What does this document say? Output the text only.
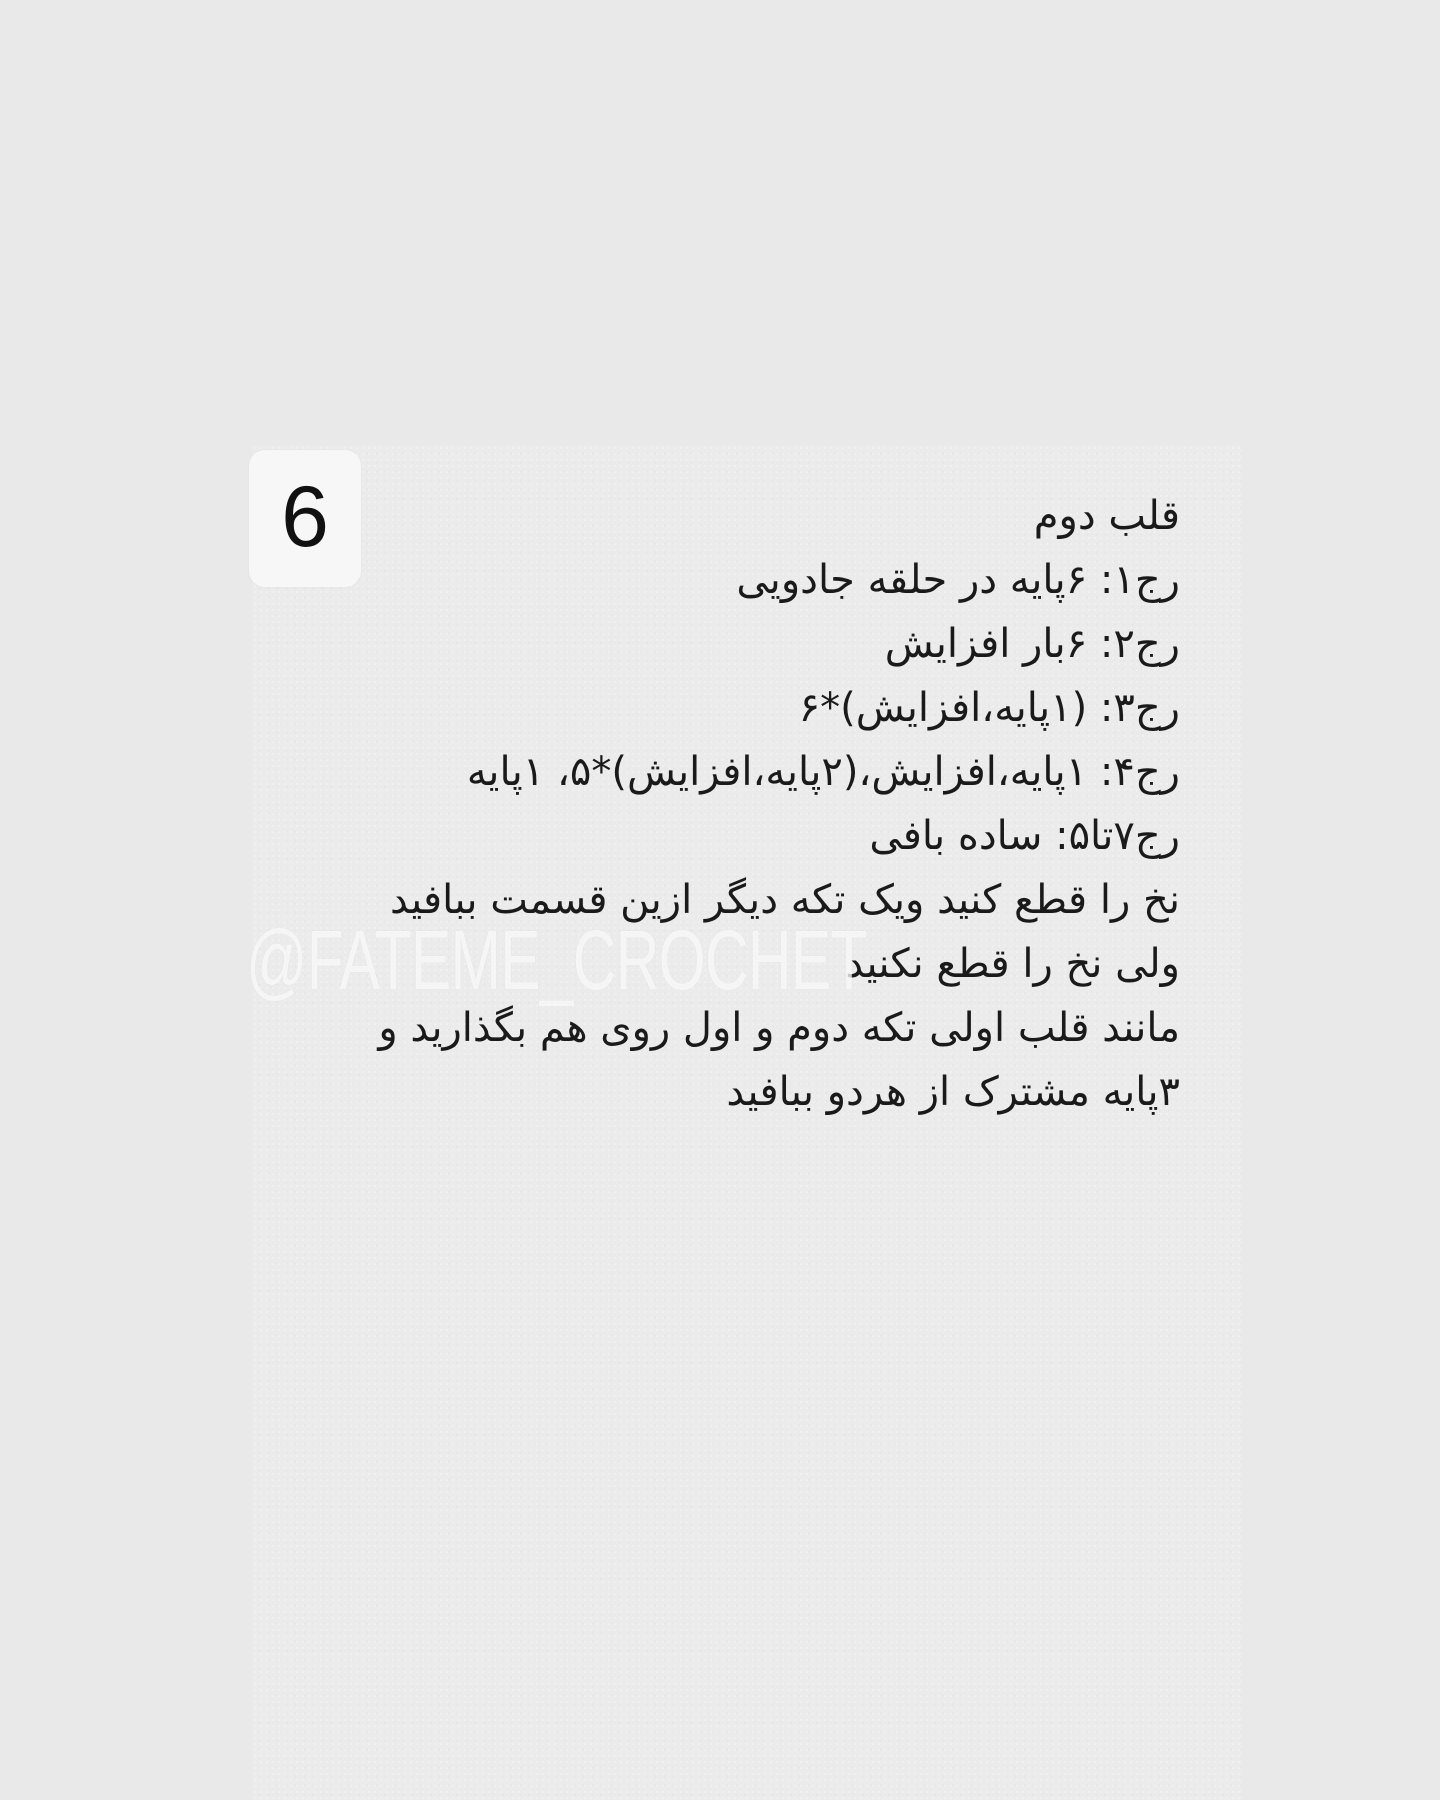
6	قلب دوم
رج۱: ۶پایه در حلقه جادویی
رج۲: ۶بار افزایش
رج۳: (۱پایه،افزایش)*۶
رج۴: ۱پایه،افزایش،(۲پایه،افزایش)*۵، ۱پایه
رج۷تا۵: ساده بافی
نخ را قطع کنید ویک تکه دیگر ازین قسمت ببافید
ولی نخ را قطع نکنید
مانند قلب اولی تکه دوم و اول روی هم بگذارید و
۳پایه مشترک از هردو ببافید
@FATEME_CROCHET
